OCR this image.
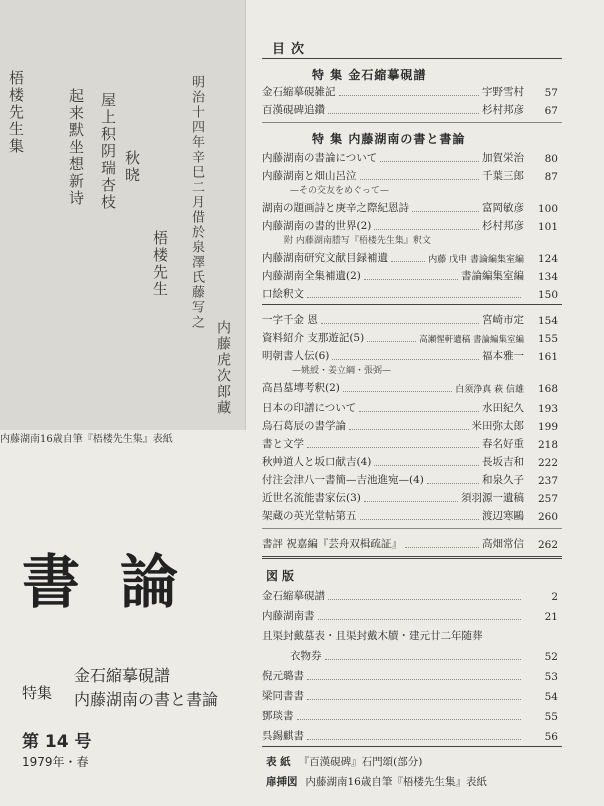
梧楼先生集	起来默坐想新诗 屋上积阴瑞杏枝 秋晓	明治十四年辛巳二月借於泉澤氏藤写之
内藤虎次郎
藏
梧楼先生
内藤湖南16歳自筆『梧楼先生集』表紙
書論
特集
金石縮摹硯譜
内藤湖南の書と書論
第 14 号
1979年・春
目次
特 集 金石縮摹硯譜
金石縮摹硯雑記	宇野雪村	57
百漢硯碑追鑽	杉村邦彦	67
特 集 内藤湖南の書と書論
内藤湖南の書論について	加賀栄治	80
内藤湖南と畑山呂泣	千葉三郎	87
—その交友をめぐって—
湖南の題画詩と庚辛之際紀恩詩	富岡敏彦	100
内藤湖南の書的世界(2)	杉村邦彦	101
附 内藤湖南謄写『梧楼先生集』釈文
内藤湖南研究文献目録補遺	内藤 戊申 書論編集室編	124
内藤湖南全集補遺(2)	書論編集室編	134
口絵釈文	150
一字千金 恩	宮崎市定	154
資料紹介 支那遊記(5)	高瀬惺軒遺稿 書論編集室編	155
明朝書人伝(6)	福本雅一	161
—姚綬・姜立綱・張弼—
高昌墓塼考釈(2)	白须浄真 萩 信雄	168
日本の印譜について	水田紀久	193
烏石葛辰の書学論	米田弥太郎	199
書と文学	春名好重	218
秋艸道人と坂口献吉(4)	長坂吉和	222
付注会津八一書簡—吉池進宛—(4)	和泉久子	237
近世名流能書家伝(3)	須羽源一遺稿	257
架蔵の英光堂帖第五	渡辺寒鷗	260
書評 祝嘉編『芸舟双楫疏証』	高畑常信	262
図版
金石縮摹硯譜	2
内藤湖南書	21
且渠封戴墓表・且渠封戴木牘・建元廿二年随葬
衣物券	52
倪元璐書	53
梁同書書	54
鄧琰書	55
呉錫麒書	56
表 紙 『百漢硯碑』石門頌(部分)
扉挿図 内藤湖南16歳自筆『梧楼先生集』表紙
